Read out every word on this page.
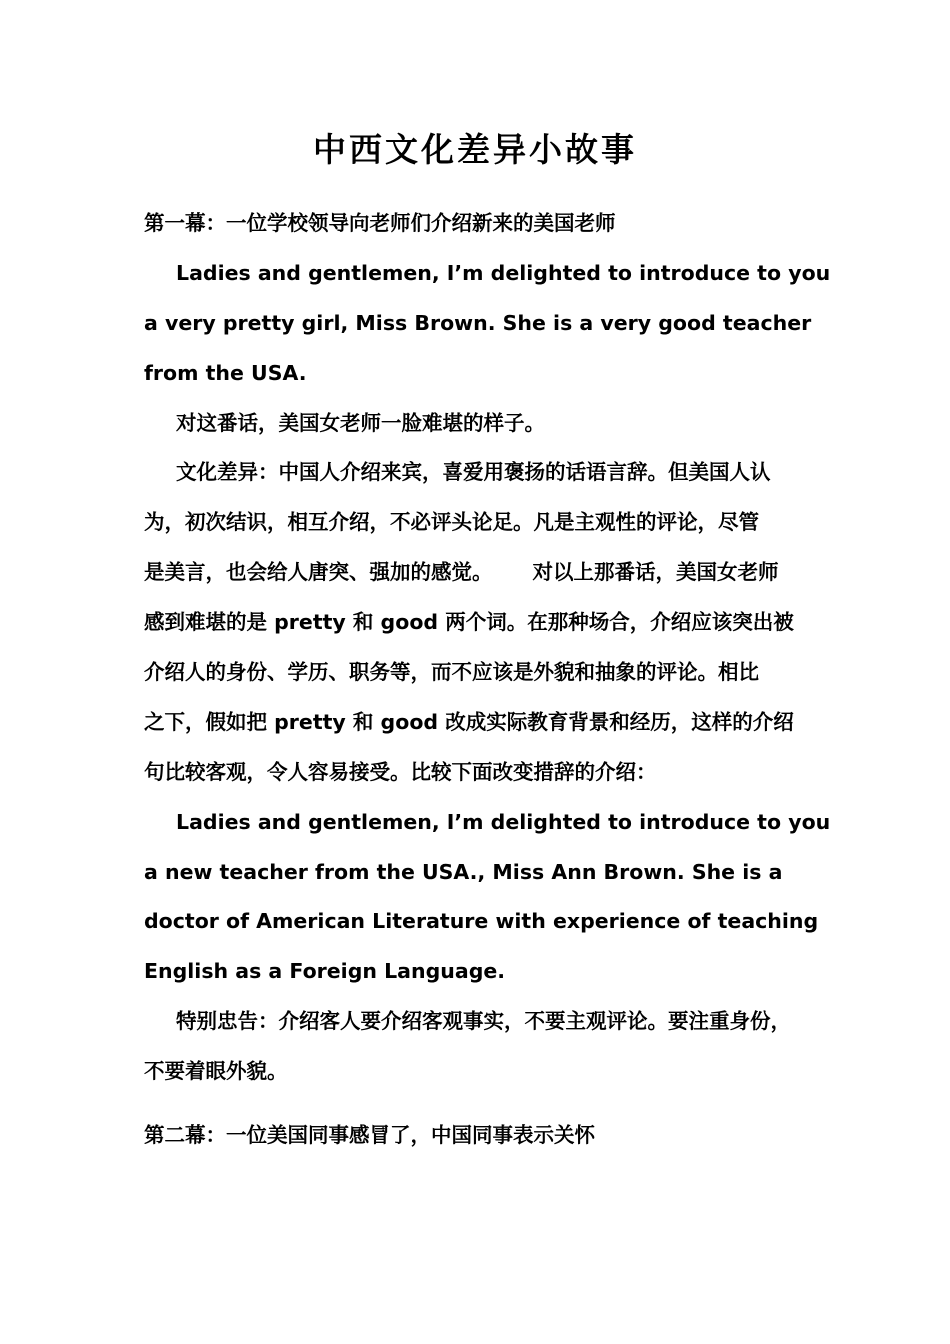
中西文化差异小故事
第一幕：一位学校领导向老师们介绍新来的美国老师
Ladies and gentlemen, I’m delighted to introduce to you
a very pretty girl, Miss Brown. She is a very good teacher
from the USA.
对这番话，美国女老师一脸难堪的样子。
文化差异：中国人介绍来宾，喜爱用褒扬的话语言辞。但美国人认
为，初次结识，相互介绍，不必评头论足。凡是主观性的评论，尽管
是美言，也会给人唐突、强加的感觉。 对以上那番话，美国女老师
感到难堪的是 pretty 和 good 两个词。在那种场合，介绍应该突出被
介绍人的身份、学历、职务等，而不应该是外貌和抽象的评论。相比
之下，假如把 pretty 和 good 改成实际教育背景和经历，这样的介绍
句比较客观，令人容易接受。比较下面改变措辞的介绍：
Ladies and gentlemen, I’m delighted to introduce to you
a new teacher from the USA., Miss Ann Brown. She is a
doctor of American Literature with experience of teaching
English as a Foreign Language.
特别忠告：介绍客人要介绍客观事实，不要主观评论。要注重身份，
不要着眼外貌。
第二幕：一位美国同事感冒了，中国同事表示关怀
